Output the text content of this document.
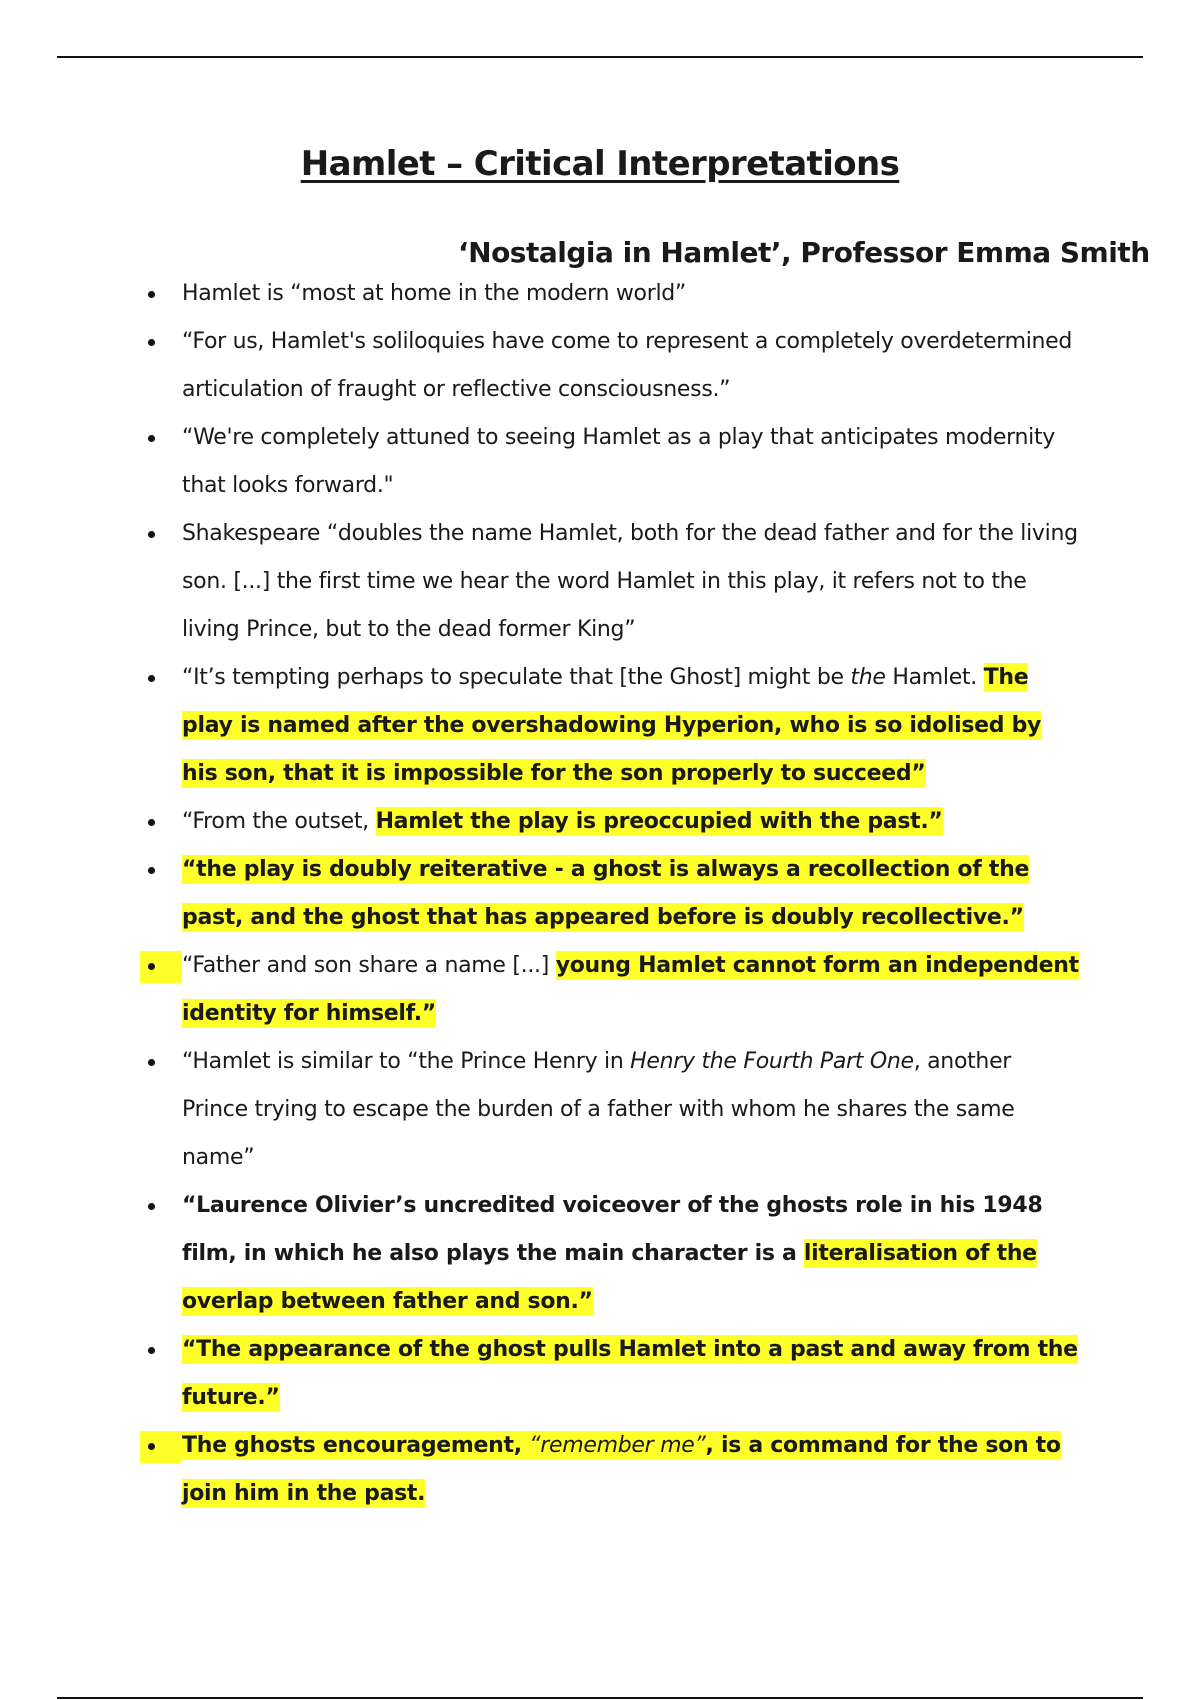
Hamlet – Critical Interpretations
‘Nostalgia in Hamlet’, Professor Emma Smith
Hamlet is “most at home in the modern world”
“For us, Hamlet's soliloquies have come to represent a completely overdetermined articulation of fraught or reflective consciousness.”
“We're completely attuned to seeing Hamlet as a play that anticipates modernity that looks forward."
Shakespeare “doubles the name Hamlet, both for the dead father and for the living son. [...] the first time we hear the word Hamlet in this play, it refers not to the living Prince, but to the dead former King”
“It’s tempting perhaps to speculate that [the Ghost] might be the Hamlet. The play is named after the overshadowing Hyperion, who is so idolised by his son, that it is impossible for the son properly to succeed”
“From the outset, Hamlet the play is preoccupied with the past.”
“the play is doubly reiterative - a ghost is always a recollection of the past, and the ghost that has appeared before is doubly recollective.”
“Father and son share a name [...] young Hamlet cannot form an independent identity for himself.”
“Hamlet is similar to “the Prince Henry in Henry the Fourth Part One, another Prince trying to escape the burden of a father with whom he shares the same name”
“Laurence Olivier’s uncredited voiceover of the ghosts role in his 1948 film, in which he also plays the main character is a literalisation of the overlap between father and son.”
“The appearance of the ghost pulls Hamlet into a past and away from the future.”
The ghosts encouragement, “remember me”, is a command for the son to join him in the past.
